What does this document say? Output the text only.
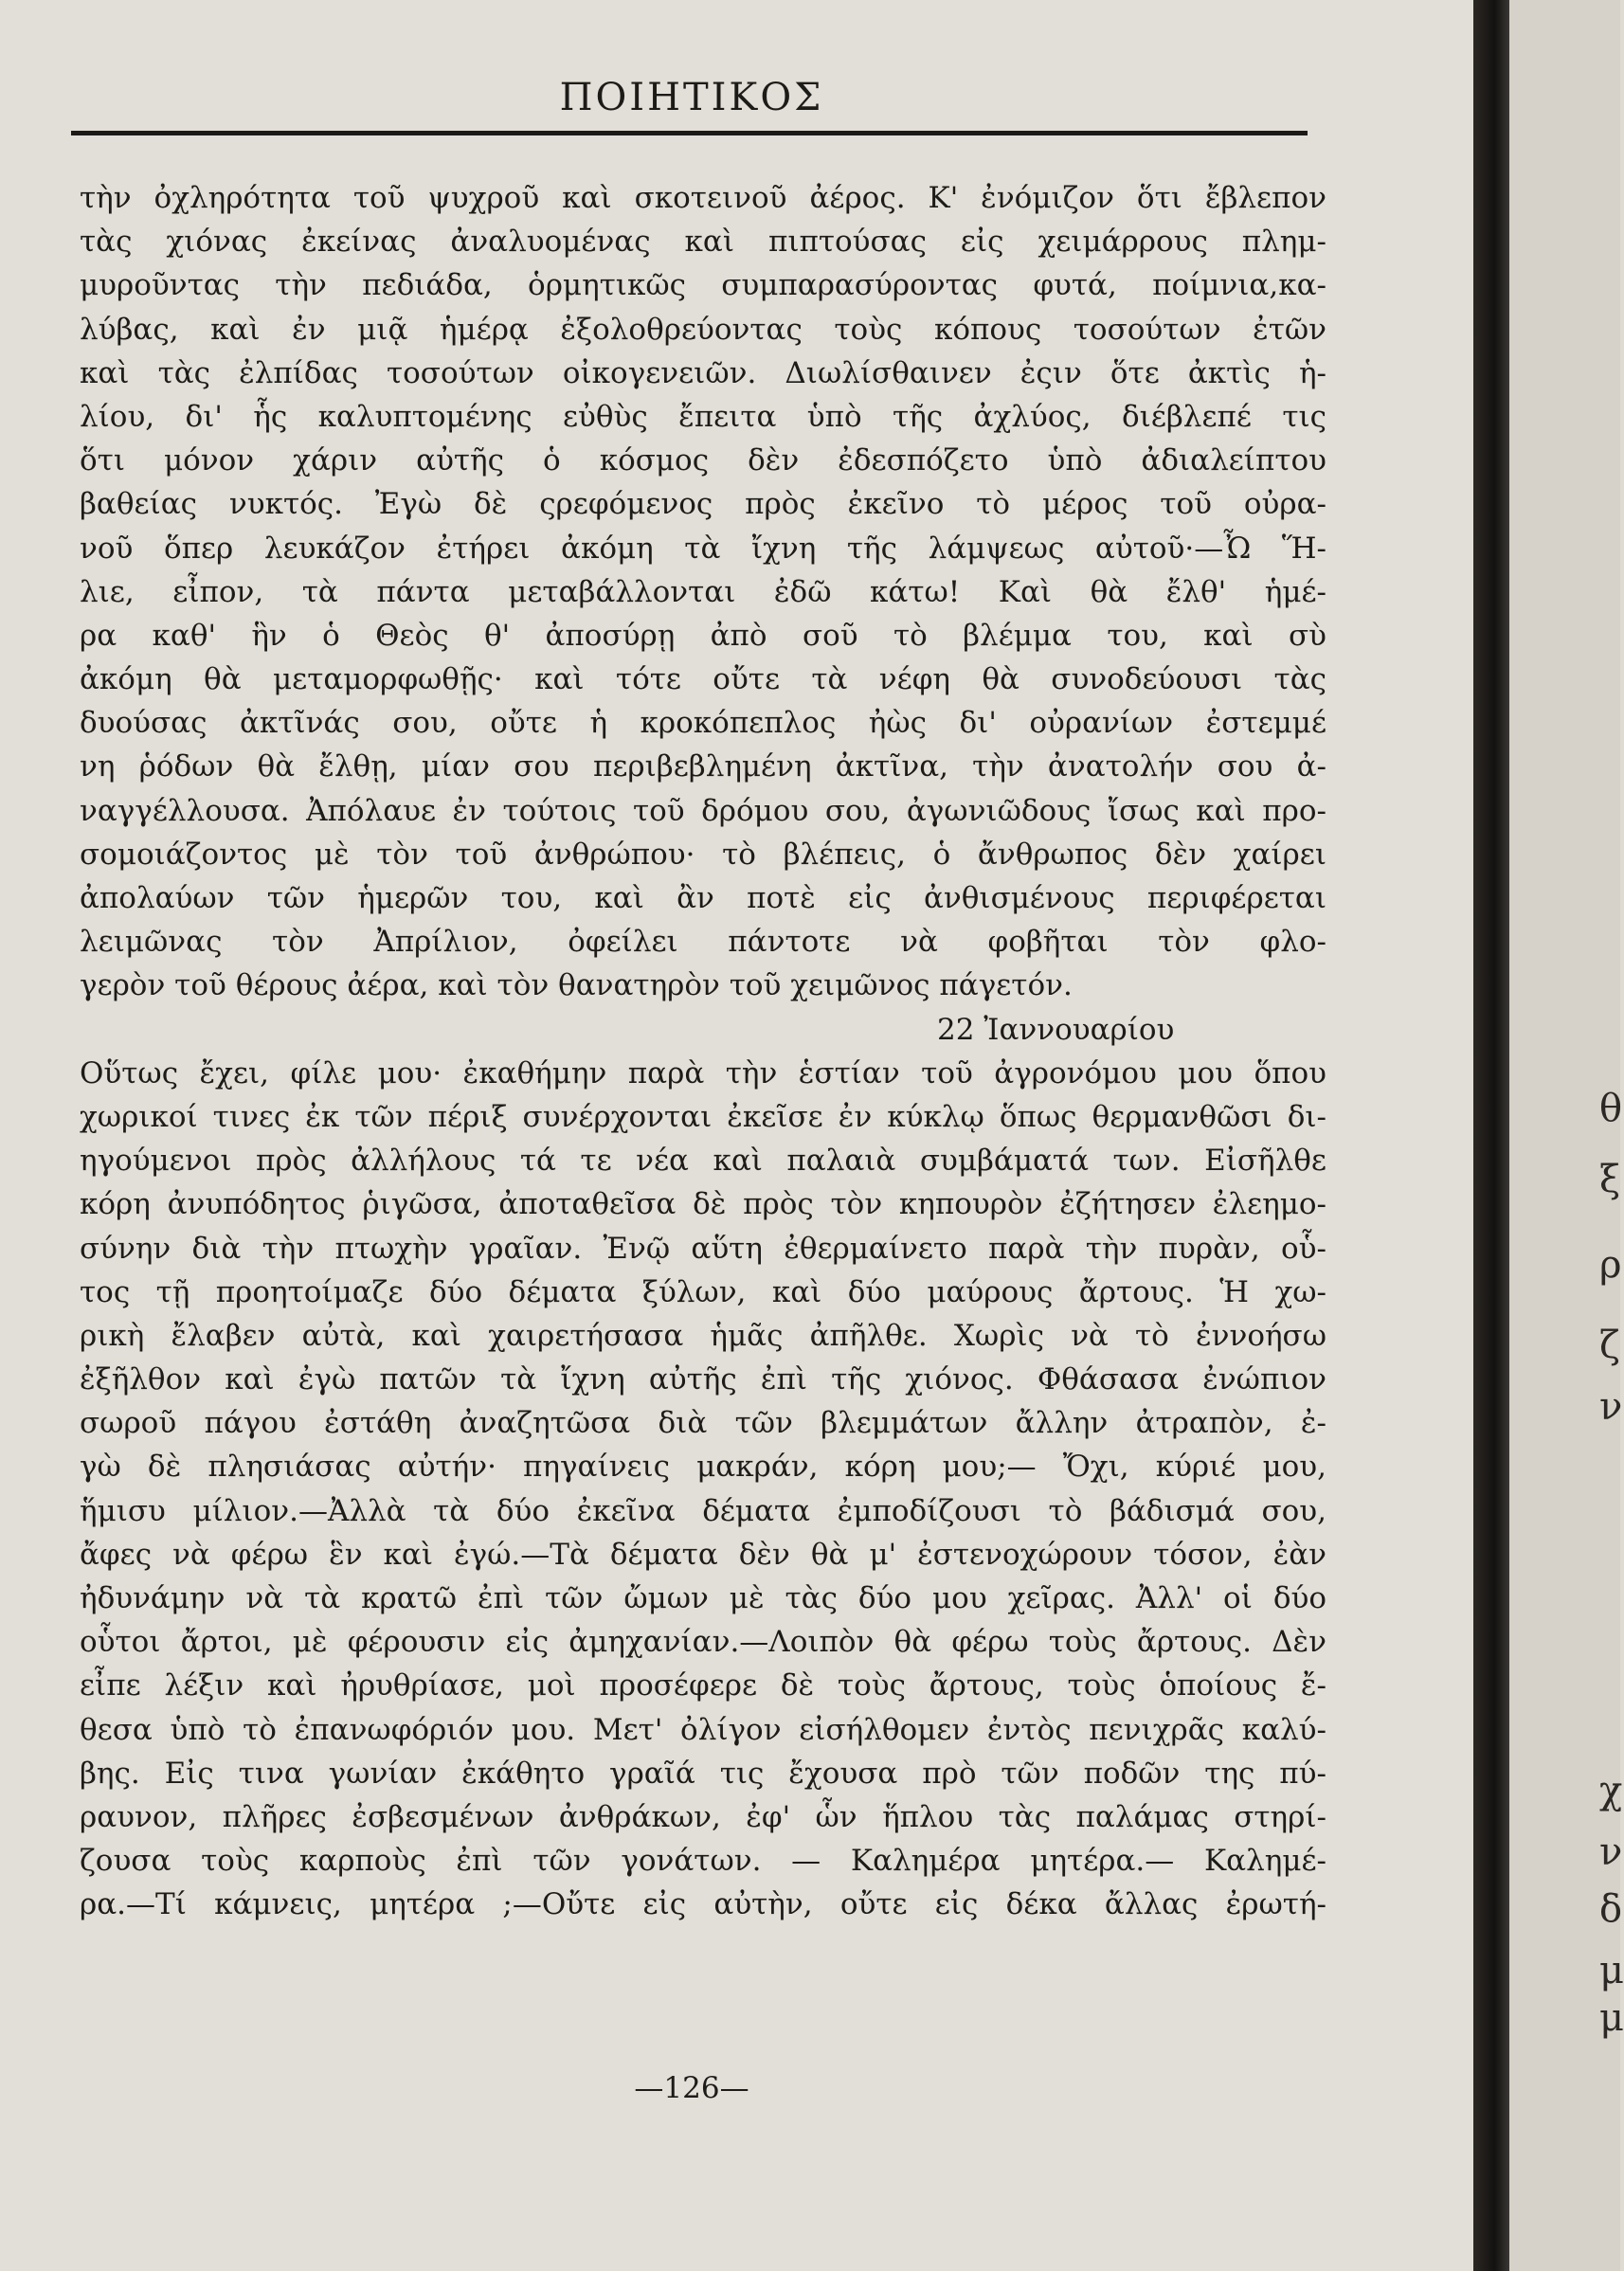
ΠΟΙΗΤΙΚΟΣ
τὴν ὀχληρότητα τοῦ ψυχροῦ καὶ σκοτεινοῦ ἀέρος. Κ' ἐνόμιζον ὅτι ἔβλεπον
τὰς χιόνας ἐκείνας ἀναλυομένας καὶ πιπτούσας εἰς χειμάρρους πλημ-
μυροῦντας τὴν πεδιάδα, ὁρμητικῶς συμπαρασύροντας φυτά, ποίμνια,κα-
λύβας, καὶ ἐν μιᾷ ἡμέρᾳ ἐξολοθρεύοντας τοὺς κόπους τοσούτων ἐτῶν
καὶ τὰς ἐλπίδας τοσούτων οἰκογενειῶν. Διωλίσθαινεν ἐςιν ὅτε ἀκτὶς ἡ-
λίου, δι' ἧς καλυπτομένης εὐθὺς ἔπειτα ὑπὸ τῆς ἀχλύος, διέβλεπέ τις
ὅτι μόνον χάριν αὐτῆς ὁ κόσμος δὲν ἐδεσπόζετο ὑπὸ ἀδιαλείπτου
βαθείας νυκτός. Ἐγὼ δὲ ςρεφόμενος πρὸς ἐκεῖνο τὸ μέρος τοῦ οὐρα-
νοῦ ὅπερ λευκάζον ἐτήρει ἀκόμη τὰ ἴχνη τῆς λάμψεως αὐτοῦ·—Ὦ Ἥ-
λιε, εἶπον, τὰ πάντα μεταβάλλονται ἐδῶ κάτω! Καὶ θὰ ἔλθ' ἡμέ-
ρα καθ' ἣν ὁ Θεὸς θ' ἀποσύρῃ ἀπὸ σοῦ τὸ βλέμμα του, καὶ σὺ
ἀκόμη θὰ μεταμορφωθῇς· καὶ τότε οὔτε τὰ νέφη θὰ συνοδεύουσι τὰς
δυούσας ἀκτῖνάς σου, οὔτε ἡ κροκόπεπλος ἠὼς δι' οὐρανίων ἐστεμμέ
νη ῥόδων θὰ ἔλθῃ, μίαν σου περιβεβλημένη ἀκτῖνα, τὴν ἀνατολήν σου ἀ-
ναγγέλλουσα. Ἀπόλαυε ἐν τούτοις τοῦ δρόμου σου, ἀγωνιῶδους ἴσως καὶ προ-
σομοιάζοντος μὲ τὸν τοῦ ἀνθρώπου· τὸ βλέπεις, ὁ ἄνθρωπος δὲν χαίρει
ἀπολαύων τῶν ἡμερῶν του, καὶ ἂν ποτὲ εἰς ἀνθισμένους περιφέρεται
λειμῶνας τὸν Ἀπρίλιον, ὀφείλει πάντοτε νὰ φοβῆται τὸν φλο-
γερὸν τοῦ θέρους ἀέρα, καὶ τὸν θανατηρὸν τοῦ χειμῶνος πάγετόν.
22 Ἰαννουαρίου
Οὕτως ἔχει, φίλε μου· ἐκαθήμην παρὰ τὴν ἑστίαν τοῦ ἀγρονόμου μου ὅπου
χωρικοί τινες ἐκ τῶν πέριξ συνέρχονται ἐκεῖσε ἐν κύκλῳ ὅπως θερμανθῶσι δι-
ηγούμενοι πρὸς ἀλλήλους τά τε νέα καὶ παλαιὰ συμβάματά των. Εἰσῆλθε
κόρη ἀνυπόδητος ῥιγῶσα, ἀποταθεῖσα δὲ πρὸς τὸν κηπουρὸν ἐζήτησεν ἐλεημο-
σύνην διὰ τὴν πτωχὴν γραῖαν. Ἐνῷ αὕτη ἐθερμαίνετο παρὰ τὴν πυρὰν, οὗ-
τος τῇ προητοίμαζε δύο δέματα ξύλων, καὶ δύο μαύρους ἄρτους. Ἡ χω-
ρικὴ ἔλαβεν αὐτὰ, καὶ χαιρετήσασα ἡμᾶς ἀπῆλθε. Χωρὶς νὰ τὸ ἐννοήσω
ἐξῆλθον καὶ ἐγὼ πατῶν τὰ ἴχνη αὐτῆς ἐπὶ τῆς χιόνος. Φθάσασα ἐνώπιον
σωροῦ πάγου ἐστάθη ἀναζητῶσα διὰ τῶν βλεμμάτων ἄλλην ἀτραπὸν, ἐ-
γὼ δὲ πλησιάσας αὐτήν· πηγαίνεις μακράν, κόρη μου;— Ὄχι, κύριέ μου,
ἥμισυ μίλιον.—Ἀλλὰ τὰ δύο ἐκεῖνα δέματα ἐμποδίζουσι τὸ βάδισμά σου,
ἄφες νὰ φέρω ἓν καὶ ἐγώ.—Τὰ δέματα δὲν θὰ μ' ἐστενοχώρουν τόσον, ἐὰν
ἠδυνάμην νὰ τὰ κρατῶ ἐπὶ τῶν ὤμων μὲ τὰς δύο μου χεῖρας. Ἀλλ' οἱ δύο
οὗτοι ἄρτοι, μὲ φέρουσιν εἰς ἀμηχανίαν.—Λοιπὸν θὰ φέρω τοὺς ἄρτους. Δὲν
εἶπε λέξιν καὶ ἠρυθρίασε, μοὶ προσέφερε δὲ τοὺς ἄρτους, τοὺς ὁποίους ἔ-
θεσα ὑπὸ τὸ ἐπανωφόριόν μου. Μετ' ὀλίγον εἰσήλθομεν ἐντὸς πενιχρᾶς καλύ-
βης. Εἰς τινα γωνίαν ἐκάθητο γραῖά τις ἔχουσα πρὸ τῶν ποδῶν της πύ-
ραυνον, πλῆρες ἐσβεσμένων ἀνθράκων, ἐφ' ὧν ἥπλου τὰς παλάμας στηρί-
ζουσα τοὺς καρποὺς ἐπὶ τῶν γονάτων. — Καλημέρα μητέρα.— Καλημέ-
ρα.—Τί κάμνεις, μητέρα ;—Οὔτε εἰς αὐτὴν, οὔτε εἰς δέκα ἄλλας ἐρωτή-
—126—
θ
ξ
ρ
ζ
ν
χ
ν
δ
μ
μ
